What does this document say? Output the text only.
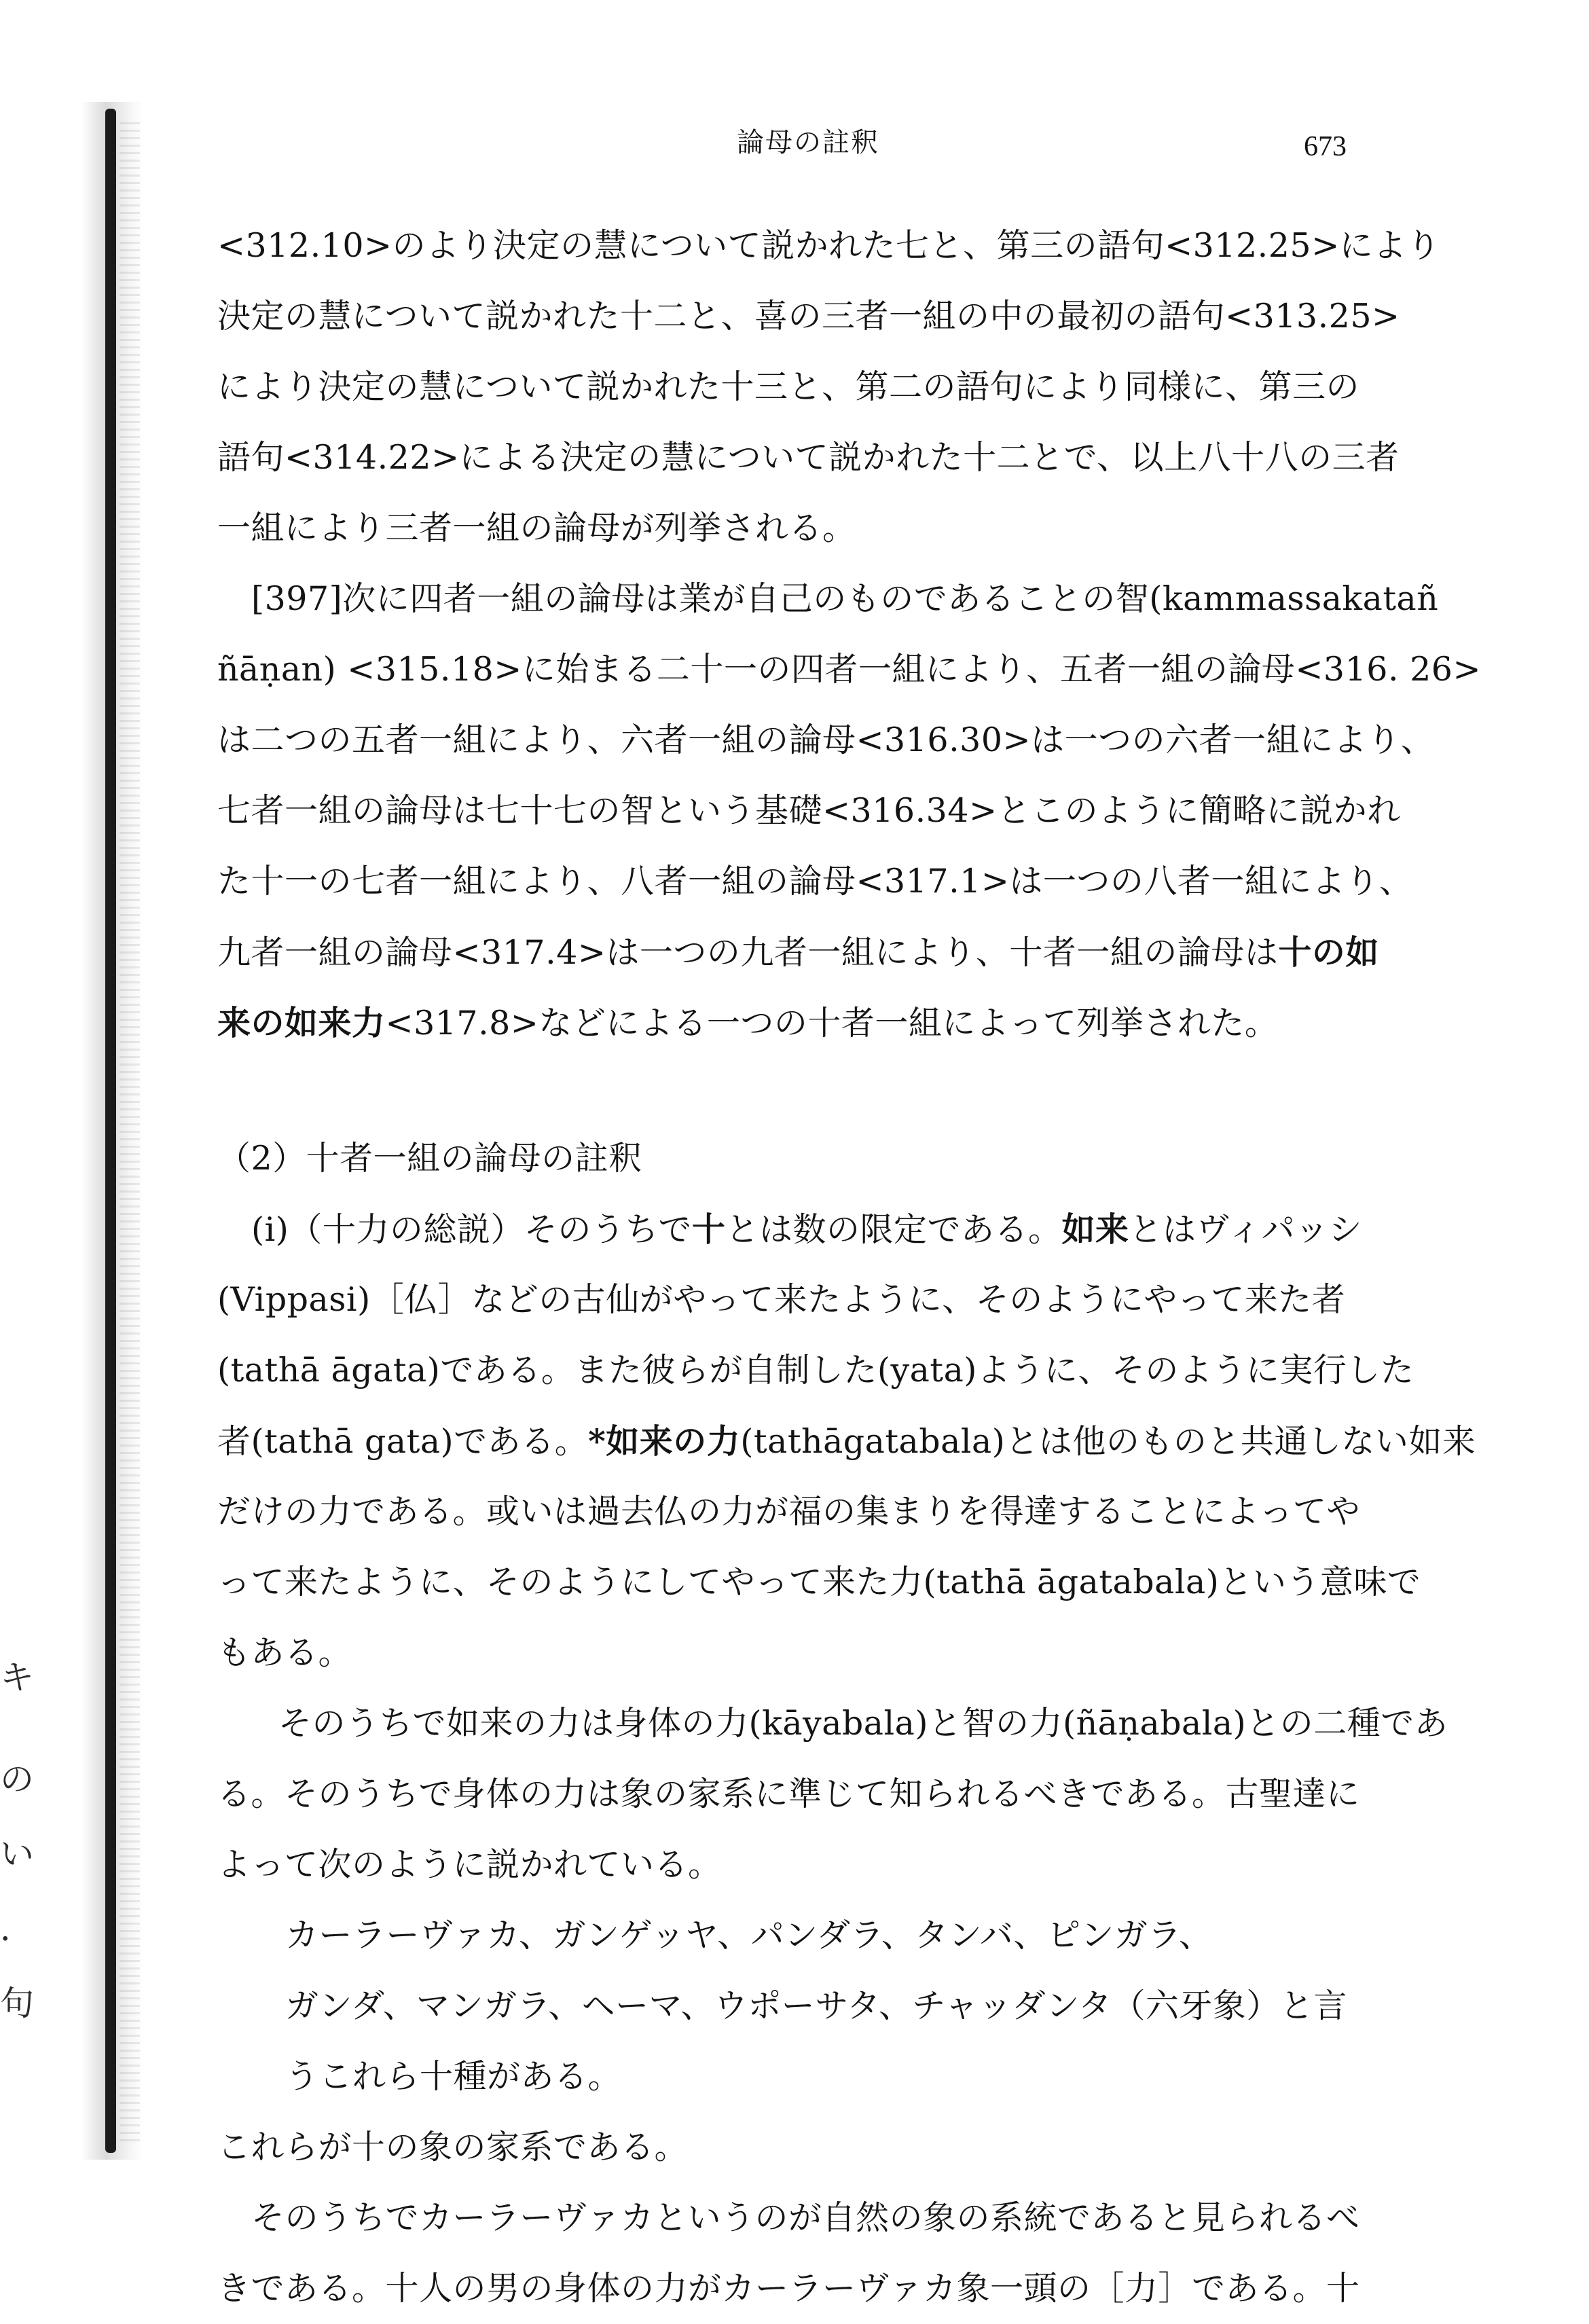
キ
の
い
．
句
論母の註釈	673
<312.10>のより決定の慧について説かれた七と、第三の語句<312.25>により
決定の慧について説かれた十二と、喜の三者一組の中の最初の語句<313.25>
により決定の慧について説かれた十三と、第二の語句により同様に、第三の
語句<314.22>による決定の慧について説かれた十二とで、以上八十八の三者
一組により三者一組の論母が列挙される。
[397]次に四者一組の論母は業が自己のものであることの智(kammassakatañ
ñāṇan) <315.18>に始まる二十一の四者一組により、五者一組の論母<316. 26>
は二つの五者一組により、六者一組の論母<316.30>は一つの六者一組により、
七者一組の論母は七十七の智という基礎<316.34>とこのように簡略に説かれ
た十一の七者一組により、八者一組の論母<317.1>は一つの八者一組により、
九者一組の論母<317.4>は一つの九者一組により、十者一組の論母は十の如
来の如来力<317.8>などによる一つの十者一組によって列挙された。
（2）十者一組の論母の註釈
(i)（十力の総説）そのうちで十とは数の限定である。如来とはヴィパッシ
(Vippasi)［仏］などの古仙がやって来たように、そのようにやって来た者
(tathā āgata)である。また彼らが自制した(yata)ように、そのように実行した
者(tathā gata)である。*如来の力(tathāgatabala)とは他のものと共通しない如来
だけの力である。或いは過去仏の力が福の集まりを得達することによってや
って来たように、そのようにしてやって来た力(tathā āgatabala)という意味で
もある。
そのうちで如来の力は身体の力(kāyabala)と智の力(ñāṇabala)との二種であ
る。そのうちで身体の力は象の家系に準じて知られるべきである。古聖達に
よって次のように説かれている。
カーラーヴァカ、ガンゲッヤ、パンダラ、タンバ、ピンガラ、
ガンダ、マンガラ、ヘーマ、ウポーサタ、チャッダンタ（六牙象）と言
うこれら十種がある。
これらが十の象の家系である。
そのうちでカーラーヴァカというのが自然の象の系統であると見られるべ
きである。十人の男の身体の力がカーラーヴァカ象一頭の［力］である。十
